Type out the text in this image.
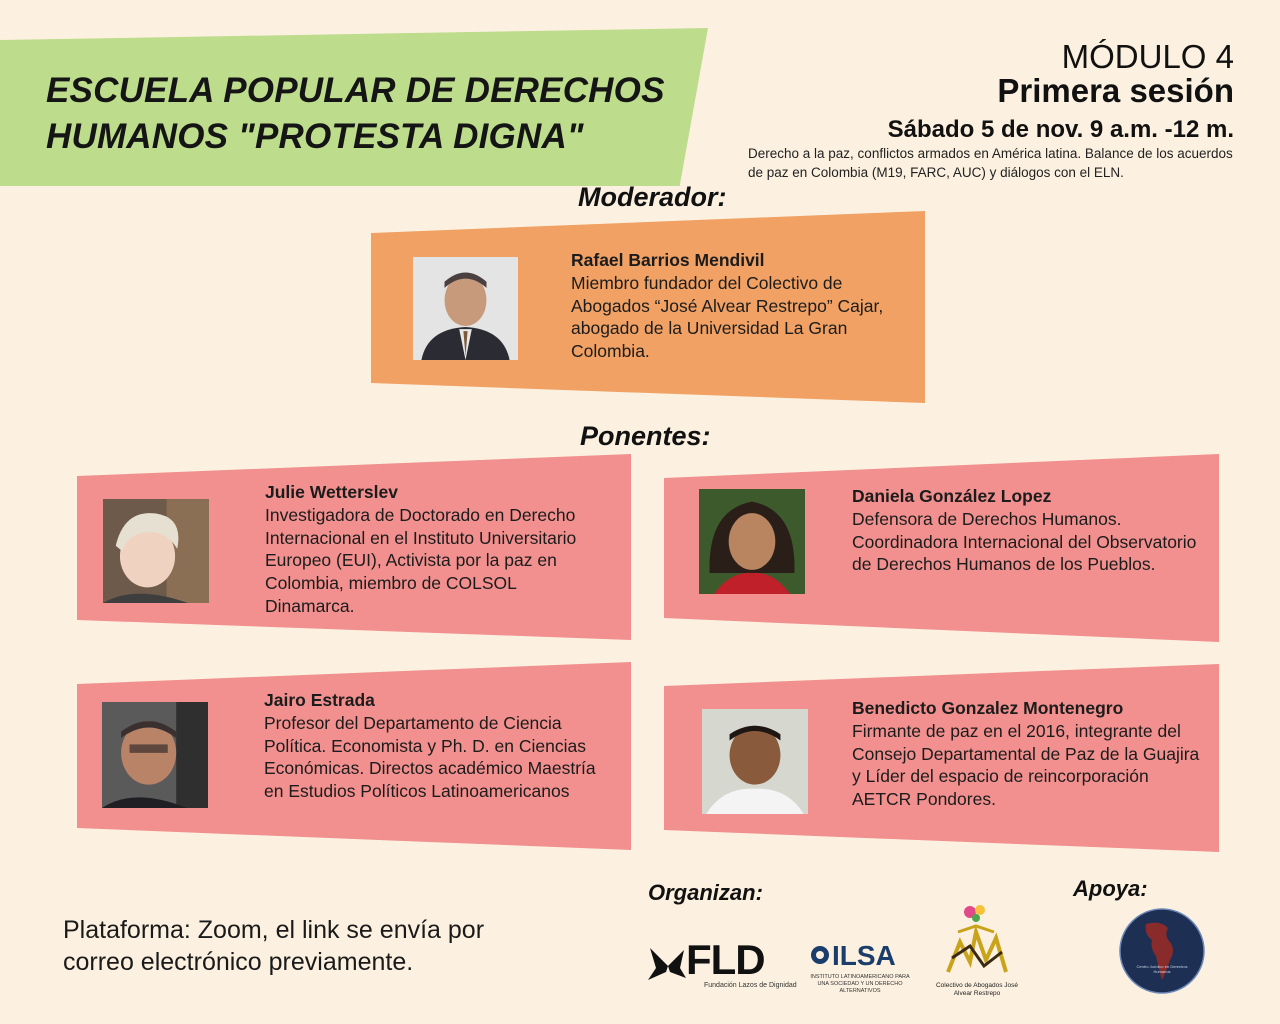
ESCUELA POPULAR DE DERECHOS
HUMANOS "PROTESTA DIGNA"
MÓDULO 4
Primera sesión
Sábado 5 de nov. 9 a.m. -12 m.
Derecho a la paz, conflictos armados en América latina. Balance de los acuerdos de paz en Colombia (M19, FARC, AUC) y diálogos con el ELN.
Moderador:
Rafael Barrios Mendivil
Miembro fundador del Colectivo de Abogados “José Alvear Restrepo” Cajar, abogado de la Universidad La Gran Colombia.
Ponentes:
Julie Wetterslev
Investigadora de Doctorado en Derecho Internacional en el Instituto Universitario Europeo (EUI), Activista por la paz en Colombia, miembro de COLSOL Dinamarca.
Daniela González Lopez
Defensora de Derechos Humanos. Coordinadora Internacional del Observatorio de Derechos Humanos de los Pueblos.
Jairo Estrada
Profesor del Departamento de Ciencia Política. Economista y Ph. D. en Ciencias Económicas. Directos académico Maestría en Estudios Políticos Latinoamericanos
Benedicto Gonzalez Montenegro
Firmante de paz en el 2016, integrante del Consejo Departamental de Paz de la Guajira y Líder del espacio de reincorporación AETCR Pondores.
Plataforma: Zoom, el link se envía por correo electrónico previamente.
Organizan:	Apoya:
FLD
Fundación Lazos de Dignidad
ILSA
INSTITUTO LATINOAMERICANO PARA UNA SOCIEDAD Y UN DERECHO ALTERNATIVOS
Colectivo de Abogados José Alvear Restrepo
Centro Jurídico en Derechos Humanos
